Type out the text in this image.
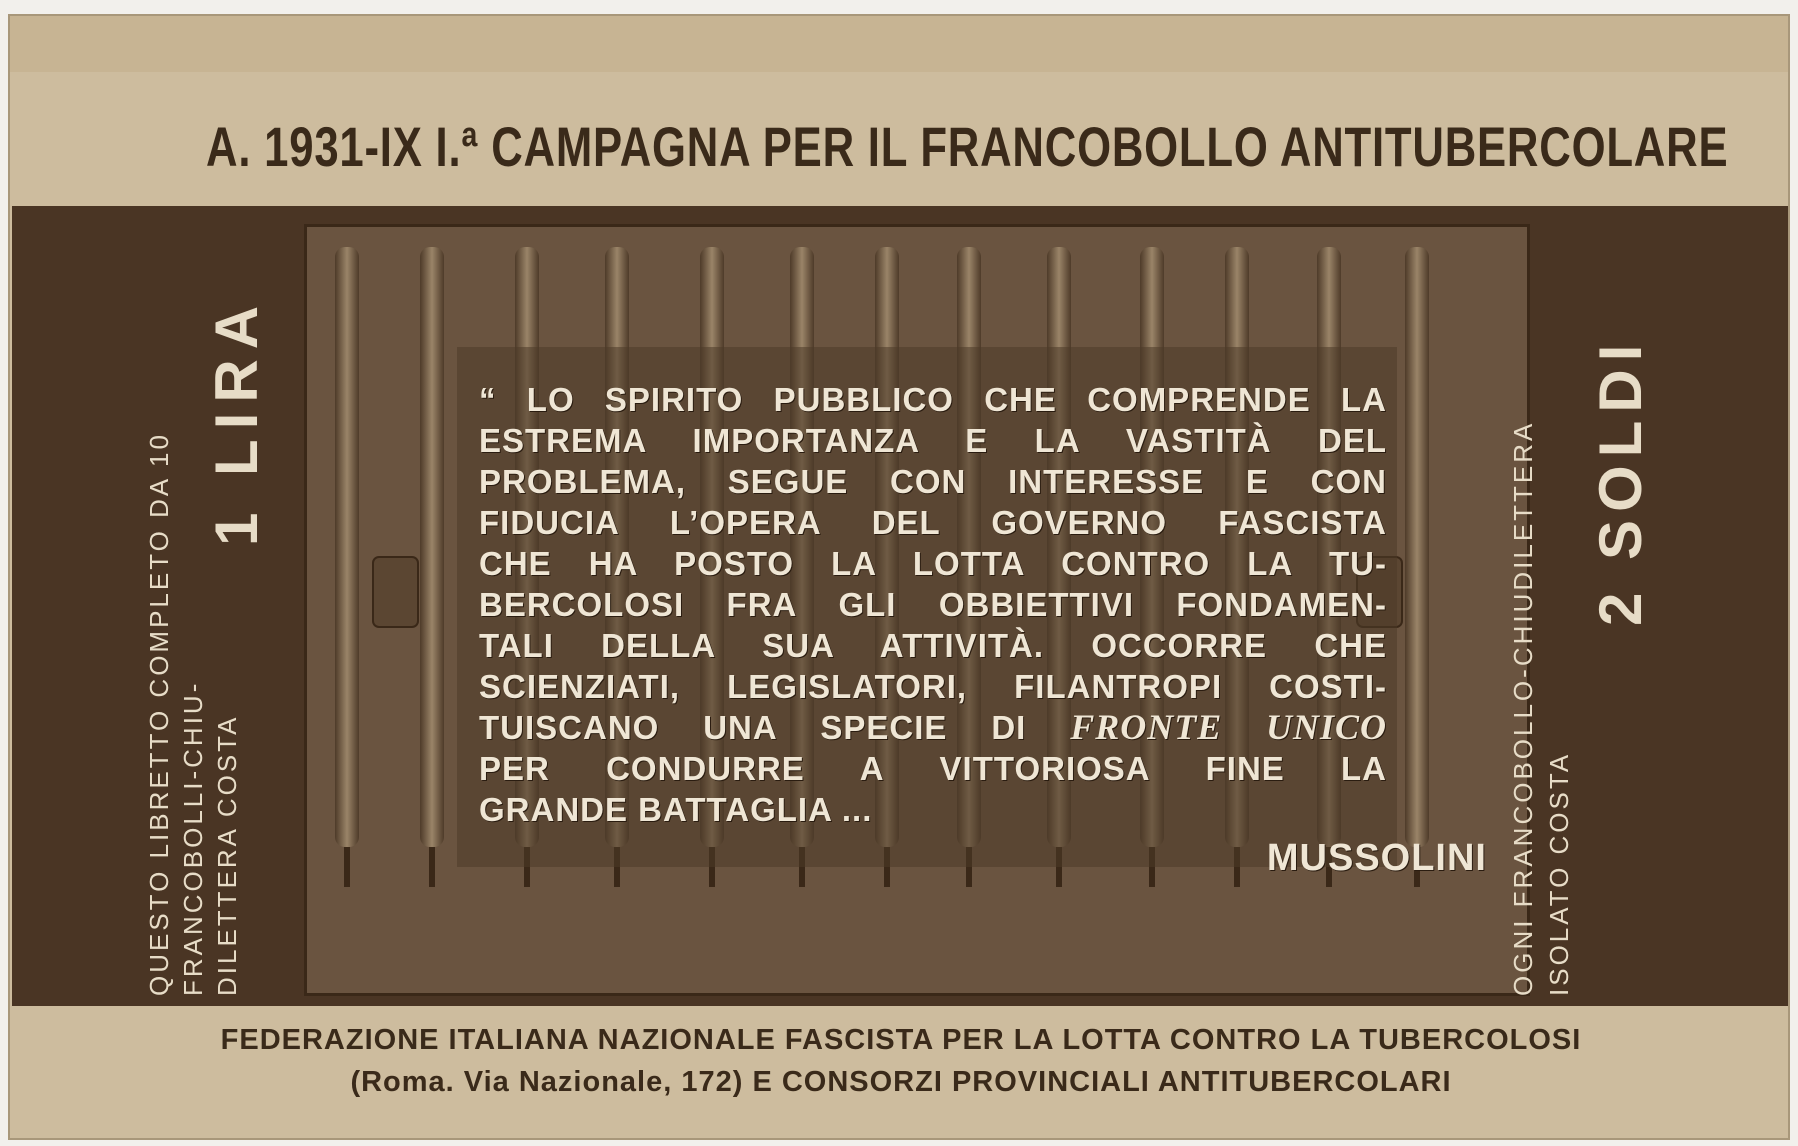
A. 1931-IX I.ª CAMPAGNA PER IL FRANCOBOLLO ANTITUBERCOLARE
QUESTO LIBRETTO COMPLETO DA 10 FRANCOBOLLI-CHIU- DILETTERA COSTA
1 LIRA	“ LO SPIRITO PUBBLICO CHE COMPRENDE LA
ESTREMA IMPORTANZA E LA VASTITÀ DEL
PROBLEMA, SEGUE CON INTERESSE E CON
FIDUCIA L’OPERA DEL GOVERNO FASCISTA
CHE HA POSTO LA LOTTA CONTRO LA TU-
BERCOLOSI FRA GLI OBBIETTIVI FONDAMEN-
TALI DELLA SUA ATTIVITÀ. OCCORRE CHE
SCIENZIATI, LEGISLATORI, FILANTROPI COSTI-
TUISCANO UNA SPECIE DI FRONTE UNICO
PER CONDURRE A VITTORIOSA FINE LA
GRANDE BATTAGLIA ...
MUSSOLINI OGNI FRANCOBOLLO-CHIUDILETTERA ISOLATO COSTA
2 SOLDI
FEDERAZIONE ITALIANA NAZIONALE FASCISTA PER LA LOTTA CONTRO LA TUBERCOLOSI
(Roma. Via Nazionale, 172) E CONSORZI PROVINCIALI ANTITUBERCOLARI
